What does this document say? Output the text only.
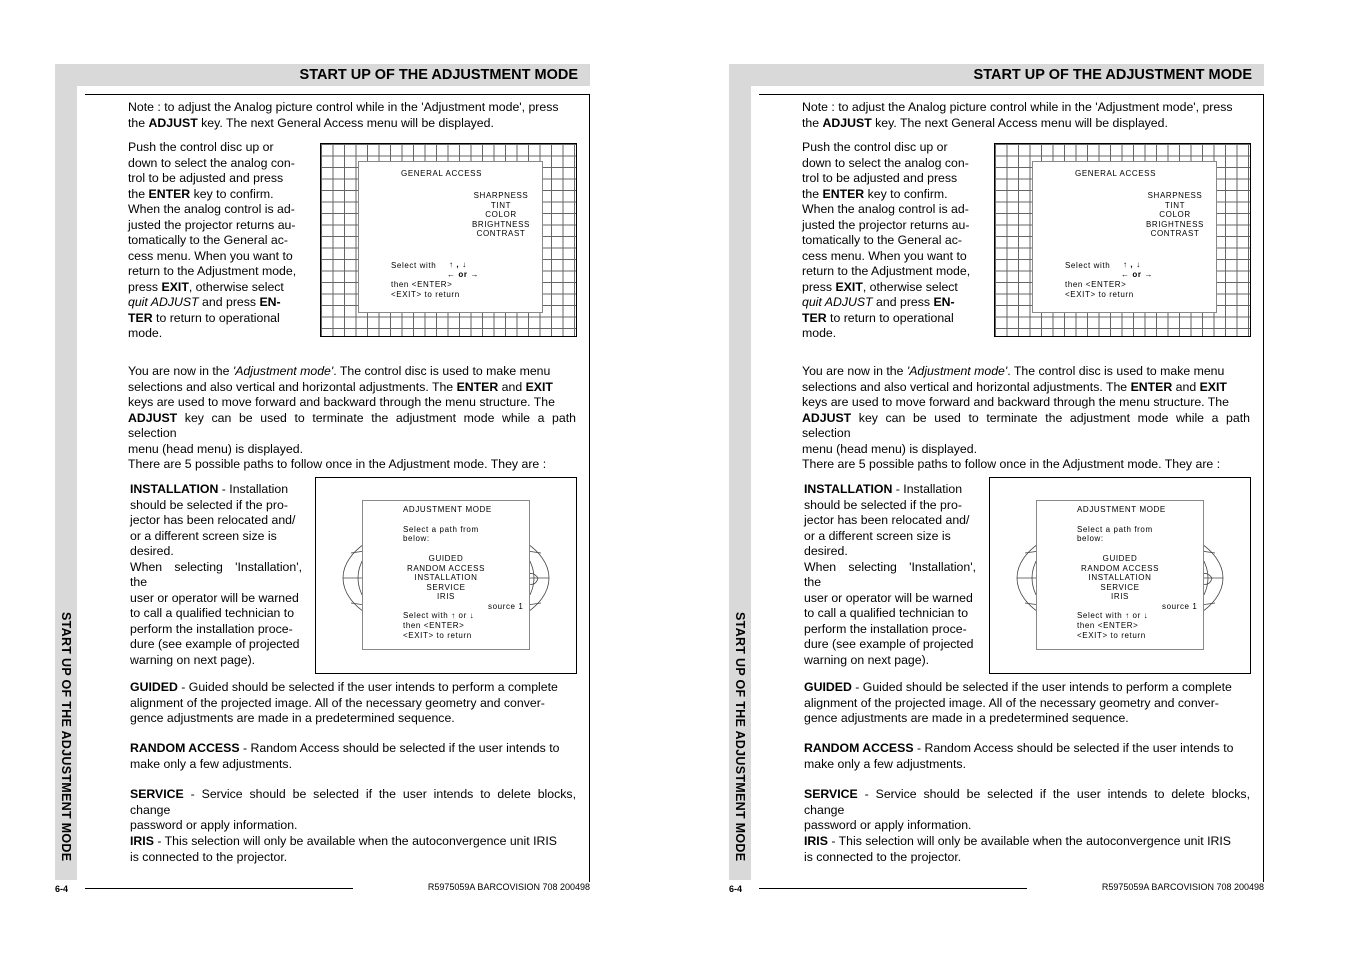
START UP OF THE ADJUSTMENT MODE
START UP OF THE ADJUSTMENT MODE
Note : to adjust the Analog picture control while in the 'Adjustment mode', press
the ADJUST key. The next General Access menu will be displayed.
Push the control disc up or
down to select the analog con-
trol to be adjusted and press
the ENTER key to confirm.
When the analog control is ad-
justed the projector returns au-
tomatically to the General ac-
cess menu. When you want to
return to the Adjustment mode,
press EXIT, otherwise select
quit ADJUST and press EN-
TER to return to operational
mode.
GENERAL ACCESS
SHARPNESS
TINT
COLOR
BRIGHTNESS
CONTRAST
Select with ↑ , ↓
← or →
then <ENTER>
<EXIT> to return
You are now in the 'Adjustment mode'. The control disc is used to make menu
selections and also vertical and horizontal adjustments. The ENTER and EXIT
keys are used to move forward and backward through the menu structure. The
ADJUST key can be used to terminate the adjustment mode while a path selection
menu (head menu) is displayed.
There are 5 possible paths to follow once in the Adjustment mode. They are :
INSTALLATION - Installation
should be selected if the pro-
jector has been relocated and/
or a different screen size is
desired.
When selecting 'Installation', the
user or operator will be warned
to call a qualified technician to
perform the installation proce-
dure (see example of projected
warning on next page).
ADJUSTMENT MODE
Select a path from
below:
GUIDED
RANDOM ACCESS
INSTALLATION
SERVICE
IRIS
source 1
Select with ↑ or ↓
then <ENTER>
<EXIT> to return
GUIDED - Guided should be selected if the user intends to perform a complete
alignment of the projected image. All of the necessary geometry and conver-
gence adjustments are made in a predetermined sequence.
RANDOM ACCESS - Random Access should be selected if the user intends to
make only a few adjustments.
SERVICE - Service should be selected if the user intends to delete blocks, change
password or apply information.
IRIS - This selection will only be available when the autoconvergence unit IRIS
is connected to the projector.
6-4	R5975059A BARCOVISION 708 200498
START UP OF THE ADJUSTMENT MODE
START UP OF THE ADJUSTMENT MODE
Note : to adjust the Analog picture control while in the 'Adjustment mode', press
the ADJUST key. The next General Access menu will be displayed.
Push the control disc up or
down to select the analog con-
trol to be adjusted and press
the ENTER key to confirm.
When the analog control is ad-
justed the projector returns au-
tomatically to the General ac-
cess menu. When you want to
return to the Adjustment mode,
press EXIT, otherwise select
quit ADJUST and press EN-
TER to return to operational
mode.
GENERAL ACCESS
SHARPNESS
TINT
COLOR
BRIGHTNESS
CONTRAST
Select with ↑ , ↓
← or →
then <ENTER>
<EXIT> to return
You are now in the 'Adjustment mode'. The control disc is used to make menu
selections and also vertical and horizontal adjustments. The ENTER and EXIT
keys are used to move forward and backward through the menu structure. The
ADJUST key can be used to terminate the adjustment mode while a path selection
menu (head menu) is displayed.
There are 5 possible paths to follow once in the Adjustment mode. They are :
INSTALLATION - Installation
should be selected if the pro-
jector has been relocated and/
or a different screen size is
desired.
When selecting 'Installation', the
user or operator will be warned
to call a qualified technician to
perform the installation proce-
dure (see example of projected
warning on next page).
ADJUSTMENT MODE
Select a path from
below:
GUIDED
RANDOM ACCESS
INSTALLATION
SERVICE
IRIS
source 1
Select with ↑ or ↓
then <ENTER>
<EXIT> to return
GUIDED - Guided should be selected if the user intends to perform a complete
alignment of the projected image. All of the necessary geometry and conver-
gence adjustments are made in a predetermined sequence.
RANDOM ACCESS - Random Access should be selected if the user intends to
make only a few adjustments.
SERVICE - Service should be selected if the user intends to delete blocks, change
password or apply information.
IRIS - This selection will only be available when the autoconvergence unit IRIS
is connected to the projector.
6-4	R5975059A BARCOVISION 708 200498
